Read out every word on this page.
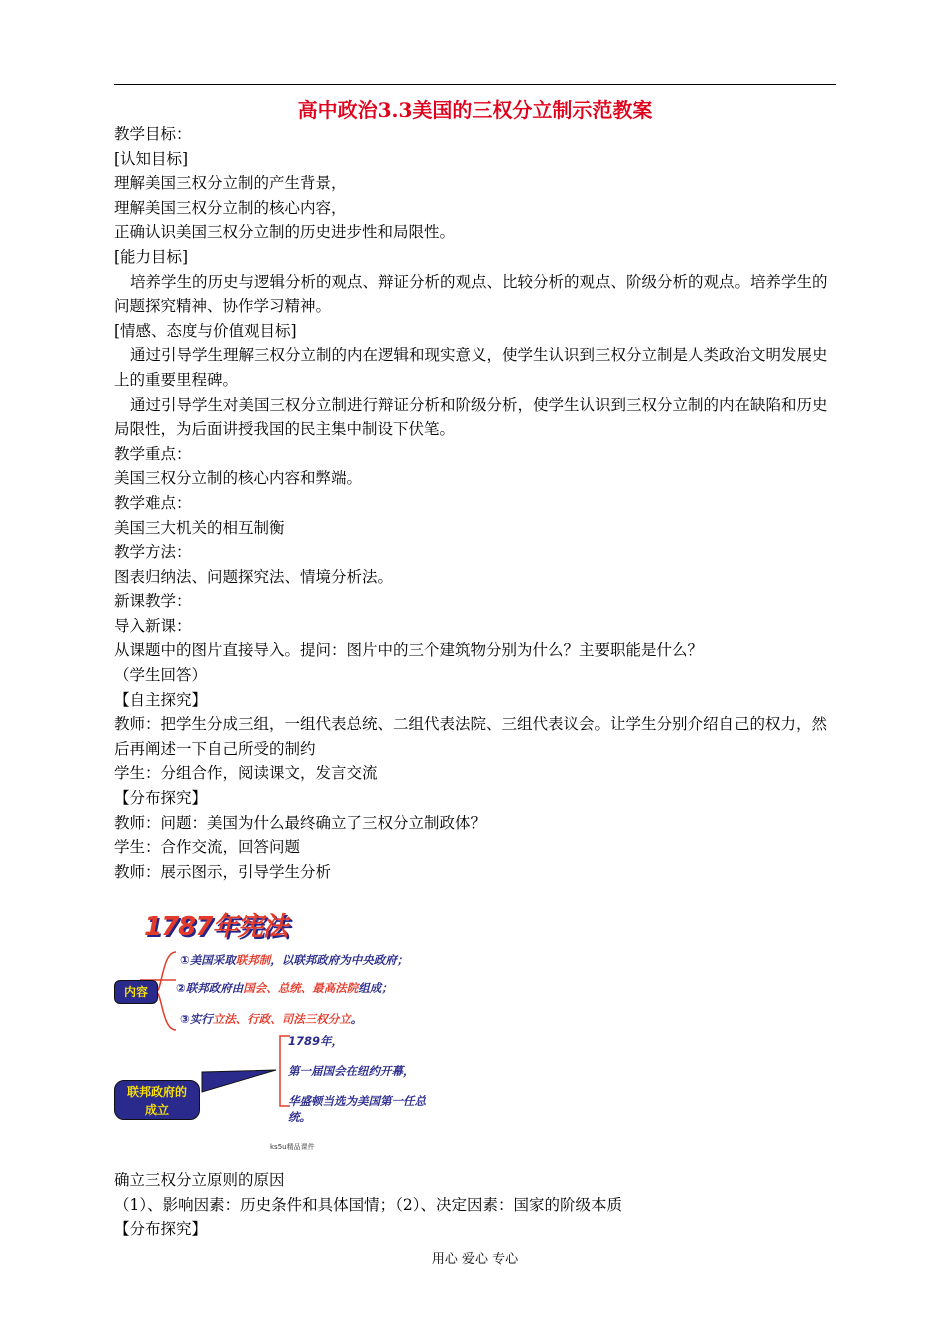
高中政治3.3美国的三权分立制示范教案

教学目标：

[认知目标]

理解美国三权分立制的产生背景，

理解美国三权分立制的核心内容，

正确认识美国三权分立制的历史进步性和局限性。

[能力目标]

培养学生的历史与逻辑分析的观点、辩证分析的观点、比较分析的观点、阶级分析的观点。培养学生的问题探究精神、协作学习精神。

[情感、态度与价值观目标]

通过引导学生理解三权分立制的内在逻辑和现实意义，使学生认识到三权分立制是人类政治文明发展史上的重要里程碑。

通过引导学生对美国三权分立制进行辩证分析和阶级分析，使学生认识到三权分立制的内在缺陷和历史局限性，为后面讲授我国的民主集中制设下伏笔。

教学重点：

美国三权分立制的核心内容和弊端。

教学难点：

美国三大机关的相互制衡

教学方法：

图表归纳法、问题探究法、情境分析法。

新课教学：

导入新课：

从课题中的图片直接导入。提问：图片中的三个建筑物分别为什么？主要职能是什么？

（学生回答）

【自主探究】

教师：把学生分成三组，一组代表总统、二组代表法院、三组代表议会。让学生分别介绍自己的权力，然后再阐述一下自己所受的制约

学生：分组合作，阅读课文，发言交流

【分布探究】

教师：问题：美国为什么最终确立了三权分立制政体？

学生：合作交流，回答问题

教师：展示图示，引导学生分析

1787年宪法
内容
①美国采取联邦制，以联邦政府为中央政府；
②联邦政府由国会、总统、最高法院组成；
③实行立法、行政、司法三权分立。
联邦政府的
成立
1789年，
第一届国会在纽约开幕，
华盛顿当选为美国第一任总
统。
ks5u精品课件

确立三权分立原则的原因

（1）、影响因素：历史条件和具体国情；（2）、决定因素：国家的阶级本质

【分布探究】

用心 爱心 专心
